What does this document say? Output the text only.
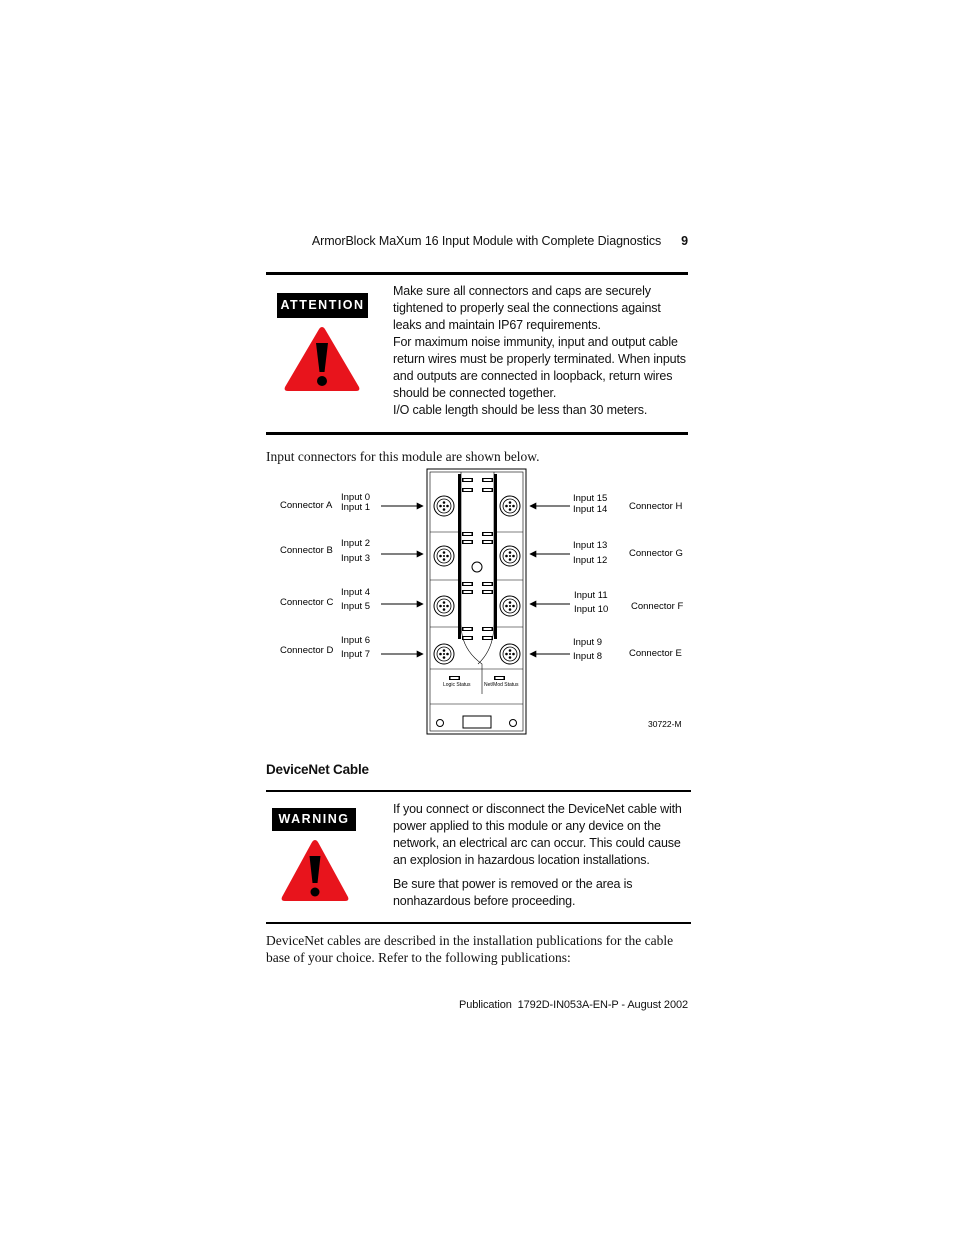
ArmorBlock MaXum 16 Input Module with Complete Diagnostics 9
ATTENTION

Make sure all connectors and caps are securely tightened to properly seal the connections against leaks and maintain IP67 requirements.

For maximum noise immunity, input and output cable return wires must be properly terminated. When inputs and outputs are connected in loopback, return wires should be connected together.

I/O cable length should be less than 30 meters.

Input connectors for this module are shown below.
Logic Status	Net/Mod Status
Connector A
Input 0
Input 1
Connector B
Input 2
Input 3
Connector C
Input 4
Input 5
Connector D
Input 6
Input 7
Input 15
Input 14 Connector H
Input 13
Input 12
Connector G
Input 11
Input 10 Connector F
Input 9
Input 8	Connector E
30722-M
DeviceNet Cable
WARNING

If you connect or disconnect the DeviceNet cable with power applied to this module or any device on the network, an electrical arc can occur. This could cause an explosion in hazardous location installations.

Be sure that power is removed or the area is nonhazardous before proceeding.

DeviceNet cables are described in the installation publications for the cable base of your choice. Refer to the following publications:
Publication  1792D-IN053A-EN-P - August 2002
